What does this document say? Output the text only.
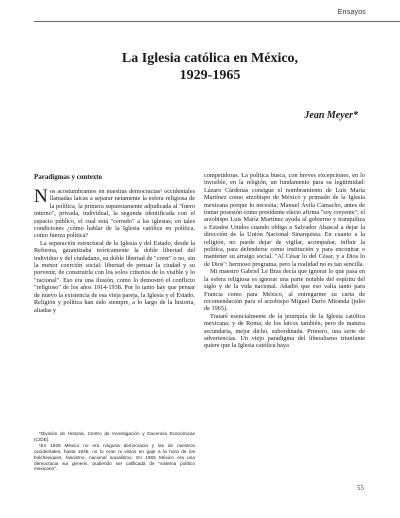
Ensayos
La Iglesia católica en México,
1929-1965

Jean Meyer*

Paradigmas y contexto

Nos acostumbramos en nuestras democracias¹ occidentales llamadas laicas a separar netamente la esfera religiosa de la política, la primera supuestamente adjudicada al "fuero interno", privada, individual, la segunda identificada con el espacio público, el cual está "cerrado" a las iglesias; en tales condiciones ¿cómo hablar de la Iglesia católica en política, como fuerza política?

La separación estructural de la Iglesia y del Estado, desde la Reforma, garantizaba teóricamente la doble libertad del individuo y del ciudadano, su doble libertad de "creer" o no, sin la menor coerción social: libertad de pensar la ciudad y su porvenir, de construirla con los solos criterios de lo visible y lo "racional". Eso era una ilusión, como lo demostró el conflicto "religioso" de los años 1914-1938. Por lo tanto hay que pensar de nuevo la existencia de esa vieja pareja, la Iglesia y el Estado. Religión y política han sido siempre, a lo largo de la historia, aliadas y

*División de Historia, Centro de Investigación y Docencia Económicas (CIDE).

¹En 1929 México no era ninguna democracia y las de nuestros occidentales, hasta 1945, no lo eran ni vistos en gaje a la hora de los bolcheviques, fascismo, nacional socialismo. En 1965 México era una democracia sui generis, pudiendo ser calificada de "sistema político mexicano".

competidoras. La política busca, con breves excepciones, en lo invisible, en la religión, un fundamento para su legitimidad: Lázaro Cárdenas consigue el nombramiento de Luis María Martínez como arzobispo de México y primado de la Iglesia mexicana porque lo necesita; Manuel Ávila Camacho, antes de tomar posesión como presidente electo afirma "soy creyente"; el arzobispo Luis María Martínez ayuda al gobierno y tranquiliza a Estados Unidos cuando obliga a Salvador Abascal a dejar la dirección de la Unión Nacional Sinarquista. En cuanto a la religión, no puede dejar de vigilar, acompañar, influir la política, para defenderse como institución y para encontrar o mantener su arraigo social. "Al César lo del César, y a Dios lo de Dios": hermoso programa, pero la realidad no es tan sencilla.

Mi maestro Gabriel Le Bras decía que ignorar lo que pasa en la esfera religiosa es ignorar una parte notable del espíritu del siglo y de la vida nacional. Añadió que eso valía tanto para Francia como para México, al entregarme su carta de recomendación para el arzobispo Miguel Darío Miranda (julio de 1965).

Trataré esencialmente de la jerarquía de la Iglesia católica mexicana; y de Roma; de los laicos también, pero de manera secundaria, mejor dicho, subordinada. Primero, una serie de advertencias. Un viejo paradigma del liberalismo triunfante quiere que la Iglesia católica haya

55
